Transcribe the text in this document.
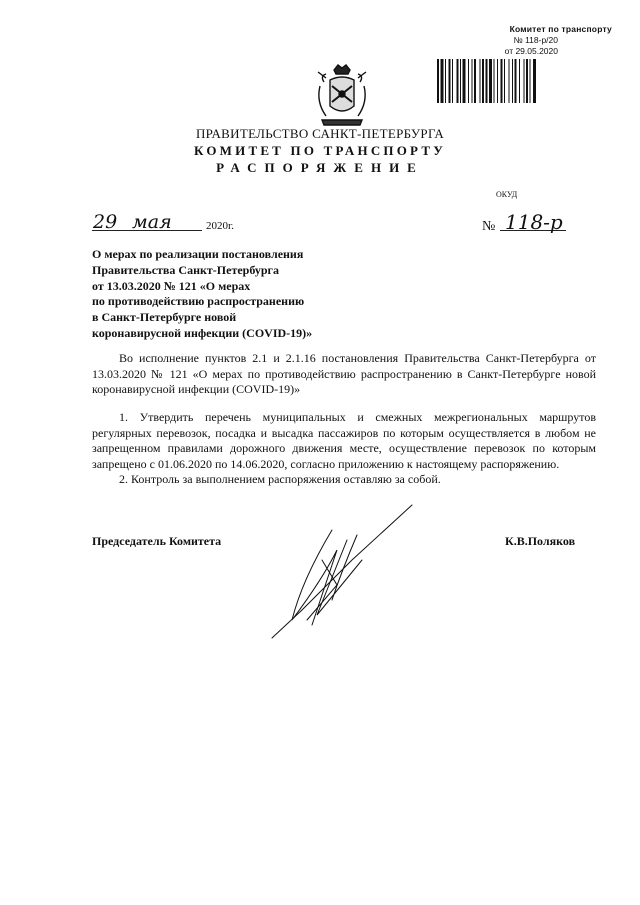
Комитет по транспорту
№ 118-р/20
от 29.05.2020
ПРАВИТЕЛЬСТВО САНКТ-ПЕТЕРБУРГА
КОМИТЕТ ПО ТРАНСПОРТУ
РАСПОРЯЖЕНИЕ
ОКУД
29 мая	2020г.	№ 118-р
О мерах по реализации постановления
Правительства Санкт-Петербурга
от 13.03.2020 № 121 «О мерах
по противодействию распространению
в Санкт-Петербурге новой
коронавирусной инфекции (COVID-19)»
Во исполнение пунктов 2.1 и 2.1.16 постановления Правительства Санкт-Петербурга от 13.03.2020 № 121 «О мерах по противодействию распространению в Санкт-Петербурге новой коронавирусной инфекции (COVID-19)»
1. Утвердить перечень муниципальных и смежных межрегиональных маршрутов регулярных перевозок, посадка и высадка пассажиров по которым осуществляется в любом не запрещенном правилами дорожного движения месте, осуществление перевозок по которым запрещено с 01.06.2020 по 14.06.2020, согласно приложению к настоящему распоряжению.
2. Контроль за выполнением распоряжения оставляю за собой.
Председатель Комитета	К.В.Поляков
